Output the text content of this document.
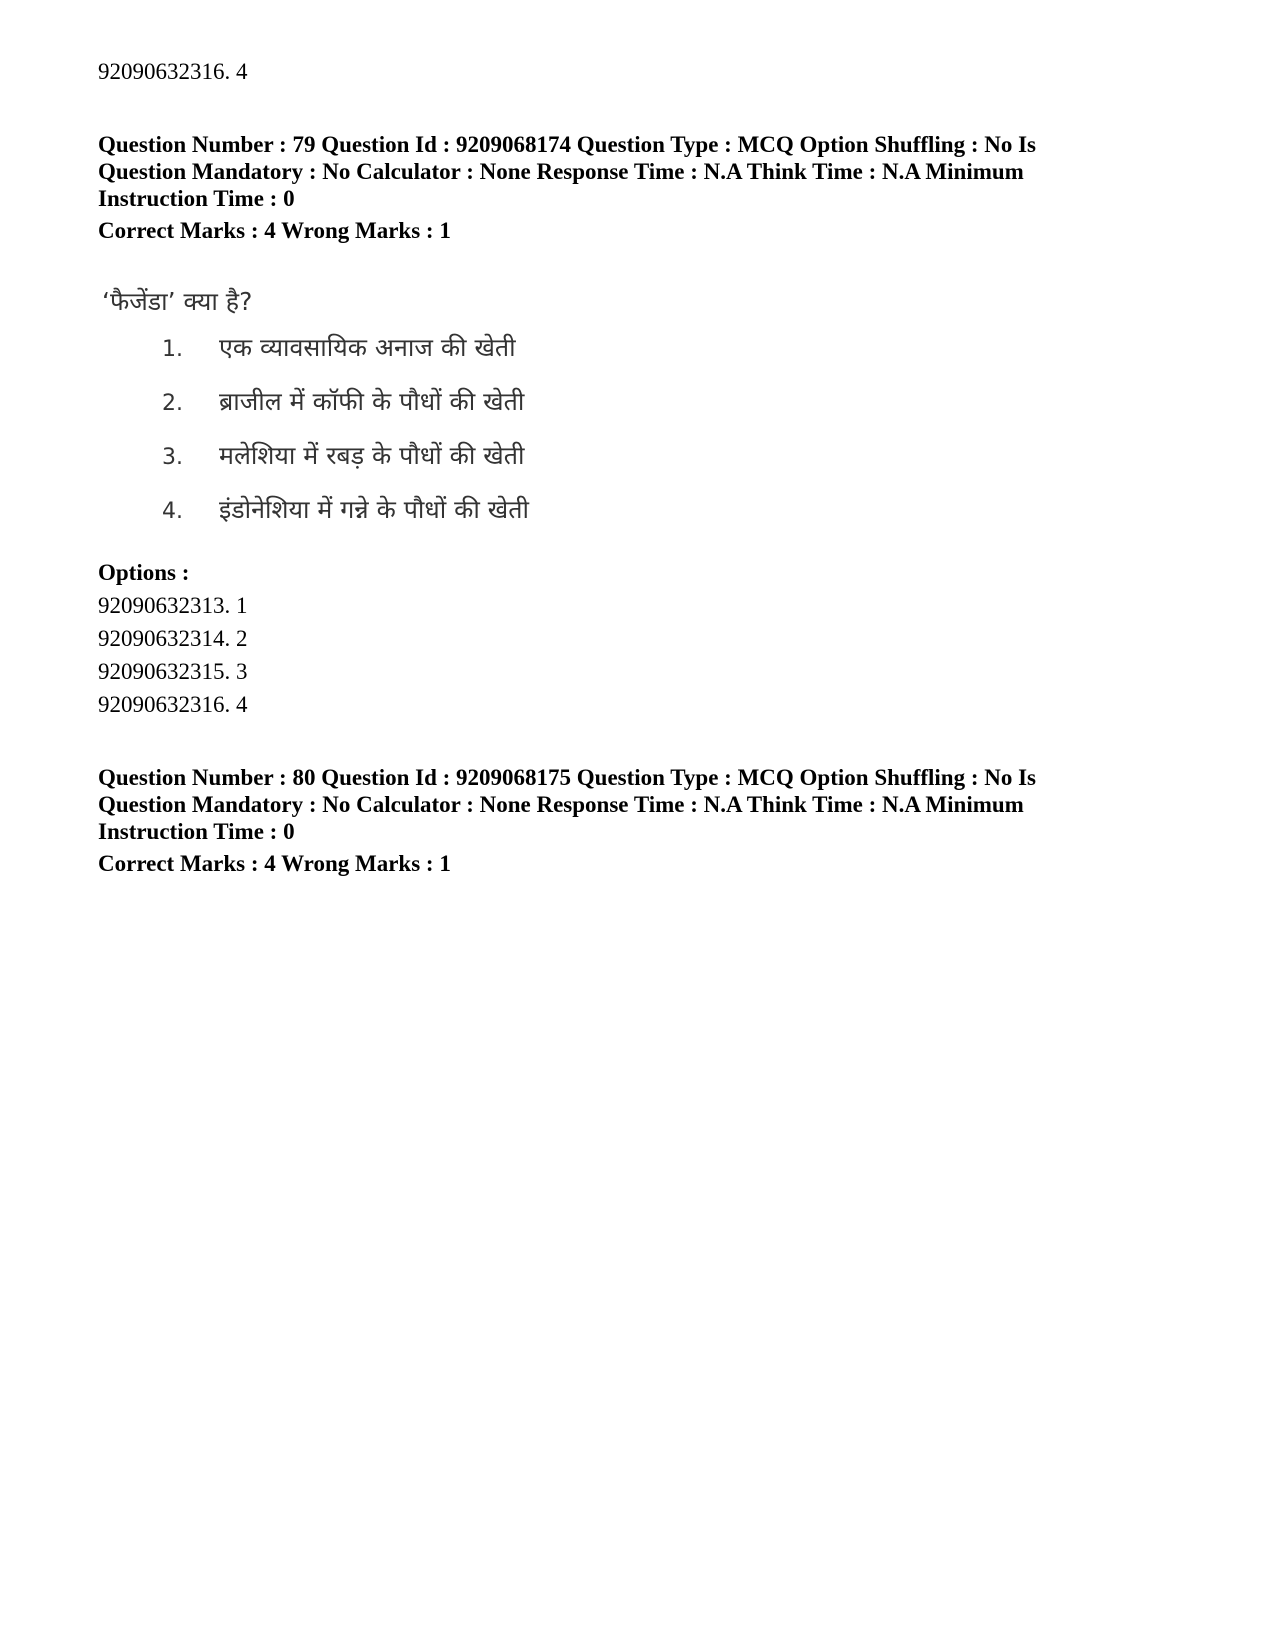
92090632316. 4
Question Number : 79 Question Id : 9209068174 Question Type : MCQ Option Shuffling : No Is
Question Mandatory : No Calculator : None Response Time : N.A Think Time : N.A Minimum
Instruction Time : 0
Correct Marks : 4 Wrong Marks : 1
Options :
92090632313. 1
92090632314. 2
92090632315. 3
92090632316. 4
Question Number : 80 Question Id : 9209068175 Question Type : MCQ Option Shuffling : No Is
Question Mandatory : No Calculator : None Response Time : N.A Think Time : N.A Minimum
Instruction Time : 0
Correct Marks : 4 Wrong Marks : 1
‘फैजेंडा’ क्या है?
1. एक व्यावसायिक अनाज की खेती
2. ब्राजील में कॉफी के पौधों की खेती
3. मलेशिया में रबड़ के पौधों की खेती
4. इंडोनेशिया में गन्ने के पौधों की खेती
